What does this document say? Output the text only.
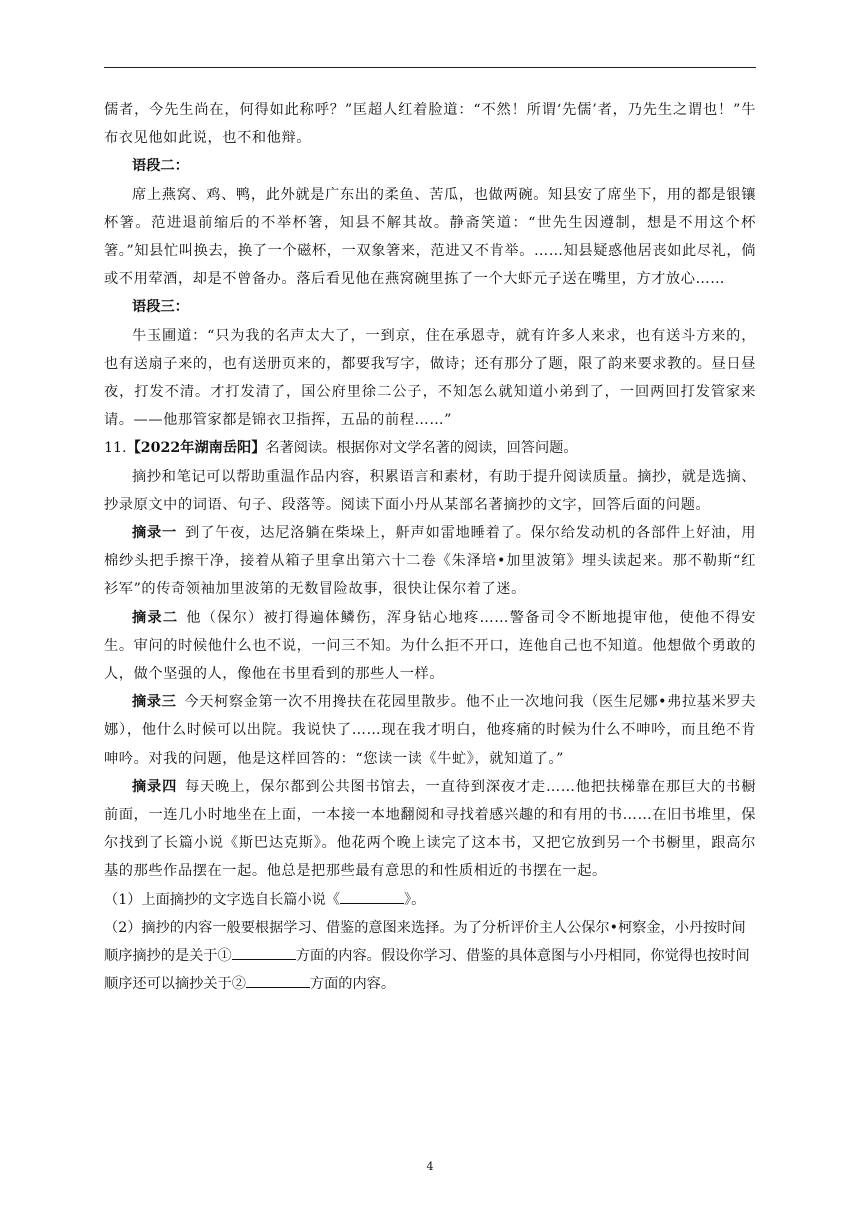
儒者，今先生尚在，何得如此称呼？”匡超人红着脸道：“不然！所谓‘先儒’者，乃先生之谓也！”牛布衣见他如此说，也不和他辩。

语段二：

席上燕窝、鸡、鸭，此外就是广东出的柔鱼、苦瓜，也做两碗。知县安了席坐下，用的都是银镶杯箸。范进退前缩后的不举杯箸，知县不解其故。静斋笑道：“世先生因遵制，想是不用这个杯箸。”知县忙叫换去，换了一个磁杯，一双象箸来，范进又不肯举。……知县疑惑他居丧如此尽礼，倘或不用荤酒，却是不曾备办。落后看见他在燕窝碗里拣了一个大虾元子送在嘴里，方才放心……

语段三：

牛玉圃道：“只为我的名声太大了，一到京，住在承恩寺，就有许多人来求，也有送斗方来的，也有送扇子来的，也有送册页来的，都要我写字，做诗；还有那分了题，限了韵来要求教的。昼日昼夜，打发不清。才打发清了，国公府里徐二公子，不知怎么就知道小弟到了，一回两回打发管家来请。——他那管家都是锦衣卫指挥，五品的前程……”

11.【2022年湖南岳阳】名著阅读。根据你对文学名著的阅读，回答问题。

摘抄和笔记可以帮助重温作品内容，积累语言和素材，有助于提升阅读质量。摘抄，就是选摘、抄录原文中的词语、句子、段落等。阅读下面小丹从某部名著摘抄的文字，回答后面的问题。

摘录一 到了午夜，达尼洛躺在柴垛上，鼾声如雷地睡着了。保尔给发动机的各部件上好油，用棉纱头把手擦干净，接着从箱子里拿出第六十二卷《朱泽培•加里波第》埋头读起来。那不勒斯“红衫军”的传奇领袖加里波第的无数冒险故事，很快让保尔着了迷。

摘录二 他（保尔）被打得遍体鳞伤，浑身钻心地疼……警备司令不断地提审他，使他不得安生。审问的时候他什么也不说，一问三不知。为什么拒不开口，连他自己也不知道。他想做个勇敢的人，做个坚强的人，像他在书里看到的那些人一样。

摘录三 今天柯察金第一次不用搀扶在花园里散步。他不止一次地问我（医生尼娜•弗拉基米罗夫娜），他什么时候可以出院。我说快了……现在我才明白，他疼痛的时候为什么不呻吟，而且绝不肯呻吟。对我的问题，他是这样回答的：“您读一读《牛虻》，就知道了。”

摘录四 每天晚上，保尔都到公共图书馆去，一直待到深夜才走……他把扶梯靠在那巨大的书橱前面，一连几小时地坐在上面，一本接一本地翻阅和寻找着感兴趣的和有用的书……在旧书堆里，保尔找到了长篇小说《斯巴达克斯》。他花两个晚上读完了这本书，又把它放到另一个书橱里，跟高尔基的那些作品摆在一起。他总是把那些最有意思的和性质相近的书摆在一起。

（1）上面摘抄的文字选自长篇小说《	》。

（2）摘抄的内容一般要根据学习、借鉴的意图来选择。为了分析评价主人公保尔•柯察金，小丹按时间顺序摘抄的是关于①	方面的内容。假设你学习、借鉴的具体意图与小丹相同，你觉得也按时间顺序还可以摘抄关于②	方面的内容。

4
